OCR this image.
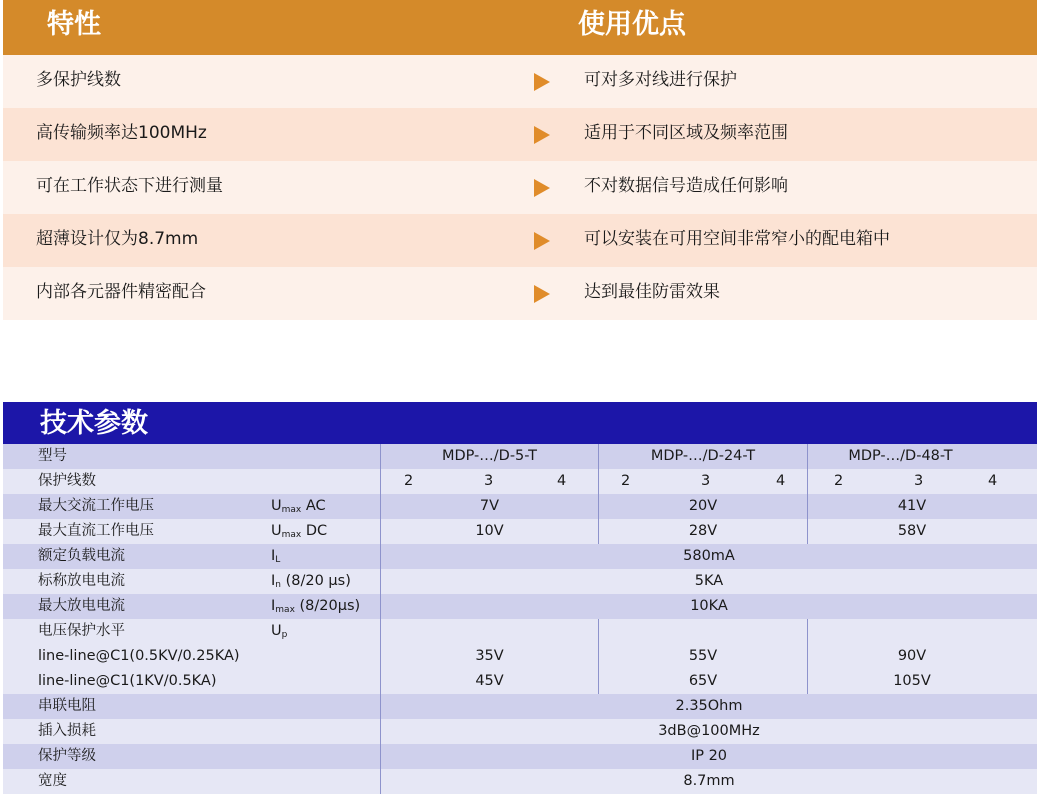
特性	使用优点
多保护线数	可对多对线进行保护
高传输频率达100MHz	适用于不同区域及频率范围
可在工作状态下进行测量	不对数据信号造成任何影响
超薄设计仅为8.7mm	可以安装在可用空间非常窄小的配电箱中
内部各元器件精密配合	达到最佳防雷效果
技术参数
型号	MDP-…/D-5-T	MDP-…/D-24-T	MDP-…/D-48-T
保护线数	2	3	4	2	3	4	2	3	4
最大交流工作电压	$U_{max}$ AC	7V	20V	41V
最大直流工作电压	$U_{max}$ DC	10V	28V	58V
额定负载电流	$I_L$	580mA
标称放电电流	$I_n$ (8/20 µs)	5KA
最大放电电流	$I_{max}$ (8/20µs)	10KA
电压保护水平	$U_p$
line-line@C1(0.5KV/0.25KA)	35V	55V	90V
line-line@C1(1KV/0.5KA)	45V	65V	105V
串联电阻	2.35Ohm
插入损耗	3dB@100MHz
保护等级	IP 20
宽度	8.7mm
